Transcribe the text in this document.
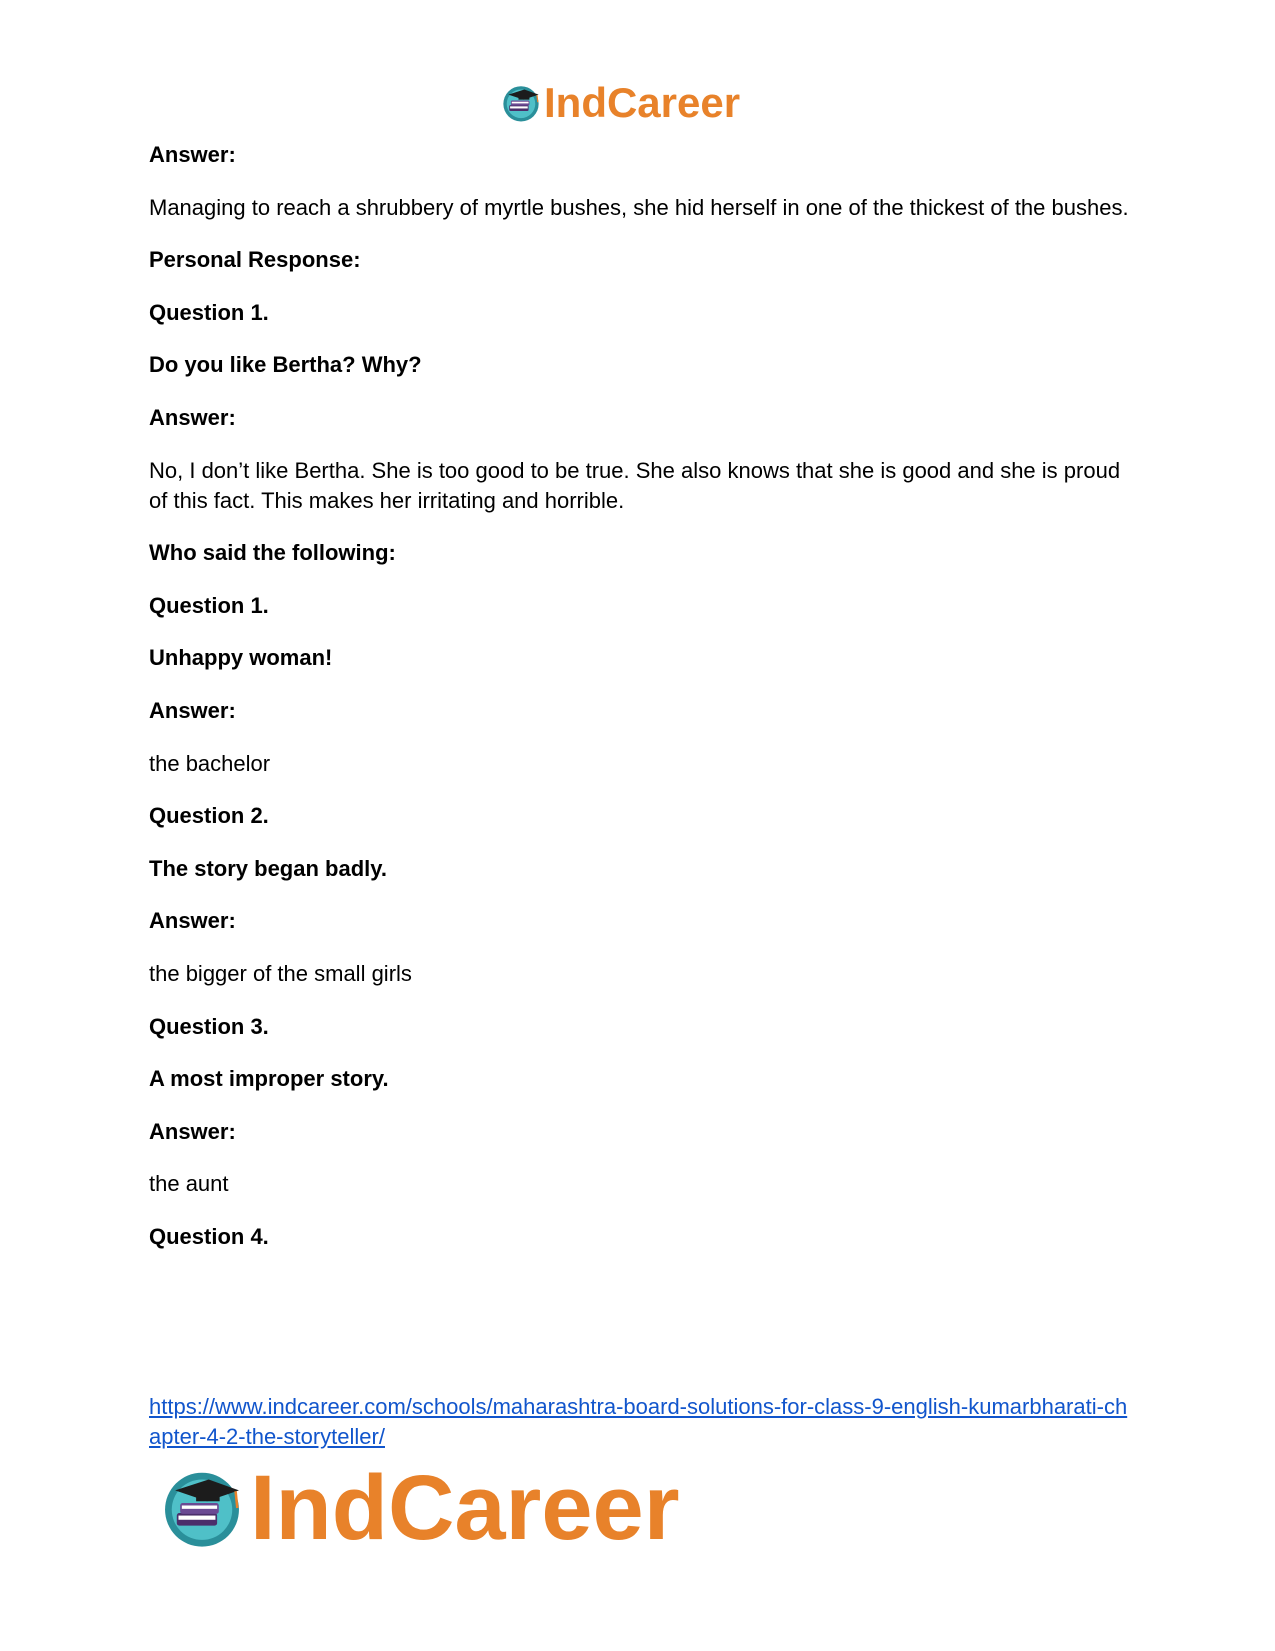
IndCareer

Answer:

Managing to reach a shrubbery of myrtle bushes, she hid herself in one of the thickest of the bushes.

Personal Response:

Question 1.

Do you like Bertha? Why?

Answer:

No, I don’t like Bertha. She is too good to be true. She also knows that she is good and she is proud of this fact. This makes her irritating and horrible.

Who said the following:

Question 1.

Unhappy woman!

Answer:

the bachelor

Question 2.

The story began badly.

Answer:

the bigger of the small girls

Question 3.

A most improper story.

Answer:

the aunt

Question 4.

https://www.indcareer.com/schools/maharashtra-board-solutions-for-class-9-english-kumarbharati-chapter-4-2-the-storyteller/
IndCareer
